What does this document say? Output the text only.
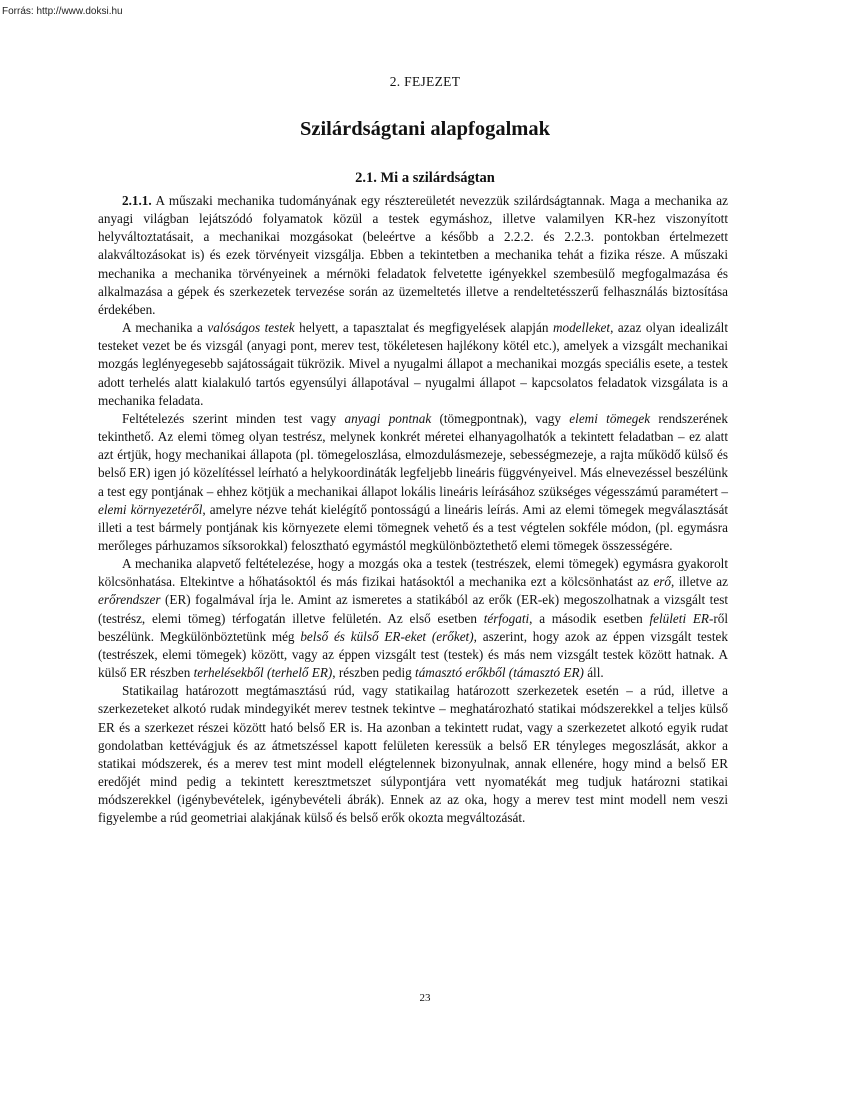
Forrás: http://www.doksi.hu
2. FEJEZET
Szilárdságtani alapfogalmak
2.1. Mi a szilárdságtan

2.1.1. A műszaki mechanika tudományának egy résztereületét nevezzük szilárdságtannak. Maga a mechanika az anyagi világban lejátszódó folyamatok közül a testek egymáshoz, illetve valamilyen KR-hez viszonyított helyváltoztatásait, a mechanikai mozgásokat (beleértve a később a 2.2.2. és 2.2.3. pontokban értelmezett alakváltozásokat is) és ezek törvényeit vizsgálja. Ebben a tekintetben a mechanika tehát a fizika része. A műszaki mechanika a mechanika törvényeinek a mérnöki feladatok felvetette igényekkel szembesülő megfogalmazása és alkalmazása a gépek és szerkezetek tervezése során az üzemeltetés illetve a rendeltetésszerű felhasználás biztosítása érdekében.

A mechanika a valóságos testek helyett, a tapasztalat és megfigyelések alapján modelleket, azaz olyan idealizált testeket vezet be és vizsgál (anyagi pont, merev test, tökéletesen hajlékony kötél etc.), amelyek a vizsgált mechanikai mozgás leglényegesebb sajátosságait tükrözik. Mivel a nyugalmi állapot a mechanikai mozgás speciális esete, a testek adott terhelés alatt kialakuló tartós egyensúlyi állapotával – nyugalmi állapot – kapcsolatos feladatok vizsgálata is a mechanika feladata.

Feltételezés szerint minden test vagy anyagi pontnak (tömegpontnak), vagy elemi tömegek rendszerének tekinthető. Az elemi tömeg olyan testrész, melynek konkrét méretei elhanyagolhatók a tekintett feladatban – ez alatt azt értjük, hogy mechanikai állapota (pl. tömegeloszlása, elmozdulásmezeje, sebességmezeje, a rajta működő külső és belső ER) igen jó közelítéssel leírható a helykoordináták legfeljebb lineáris függvényeivel. Más elnevezéssel beszélünk a test egy pontjának – ehhez kötjük a mechanikai állapot lokális lineáris leírásához szükséges végesszámú paramétert – elemi környezetéről, amelyre nézve tehát kielégítő pontosságú a lineáris leírás. Ami az elemi tömegek megválasztását illeti a test bármely pontjának kis környezete elemi tömegnek vehető és a test végtelen sokféle módon, (pl. egymásra merőleges párhuzamos síksorokkal) felosztható egymástól megkülönböztethető elemi tömegek összességére.

A mechanika alapvető feltételezése, hogy a mozgás oka a testek (testrészek, elemi tömegek) egymásra gyakorolt kölcsönhatása. Eltekintve a hőhatásoktól és más fizikai hatásoktól a mechanika ezt a kölcsönhatást az erő, illetve az erőrendszer (ER) fogalmával írja le. Amint az ismeretes a statikából az erők (ER-ek) megoszolhatnak a vizsgált test (testrész, elemi tömeg) térfogatán illetve felületén. Az első esetben térfogati, a második esetben felületi ER-ről beszélünk. Megkülönböztetünk még belső és külső ER-eket (erőket), aszerint, hogy azok az éppen vizsgált testek (testrészek, elemi tömegek) között, vagy az éppen vizsgált test (testek) és más nem vizsgált testek között hatnak. A külső ER részben terhelésekből (terhelő ER), részben pedig támasztó erőkből (támasztó ER) áll.

Statikailag határozott megtámasztású rúd, vagy statikailag határozott szerkezetek esetén – a rúd, illetve a szerkezeteket alkotó rudak mindegyikét merev testnek tekintve – meghatározható statikai módszerekkel a teljes külső ER és a szerkezet részei között ható belső ER is. Ha azonban a tekintett rudat, vagy a szerkezetet alkotó egyik rudat gondolatban kettévágjuk és az átmetszéssel kapott felületen keressük a belső ER tényleges megoszlását, akkor a statikai módszerek, és a merev test mint modell elégtelennek bizonyulnak, annak ellenére, hogy mind a belső ER eredőjét mind pedig a tekintett keresztmetszet súlypontjára vett nyomatékát meg tudjuk határozni statikai módszerekkel (igénybevételek, igénybevételi ábrák). Ennek az az oka, hogy a merev test mint modell nem veszi figyelembe a rúd geometriai alakjának külső és belső erők okozta megváltozását.

23
